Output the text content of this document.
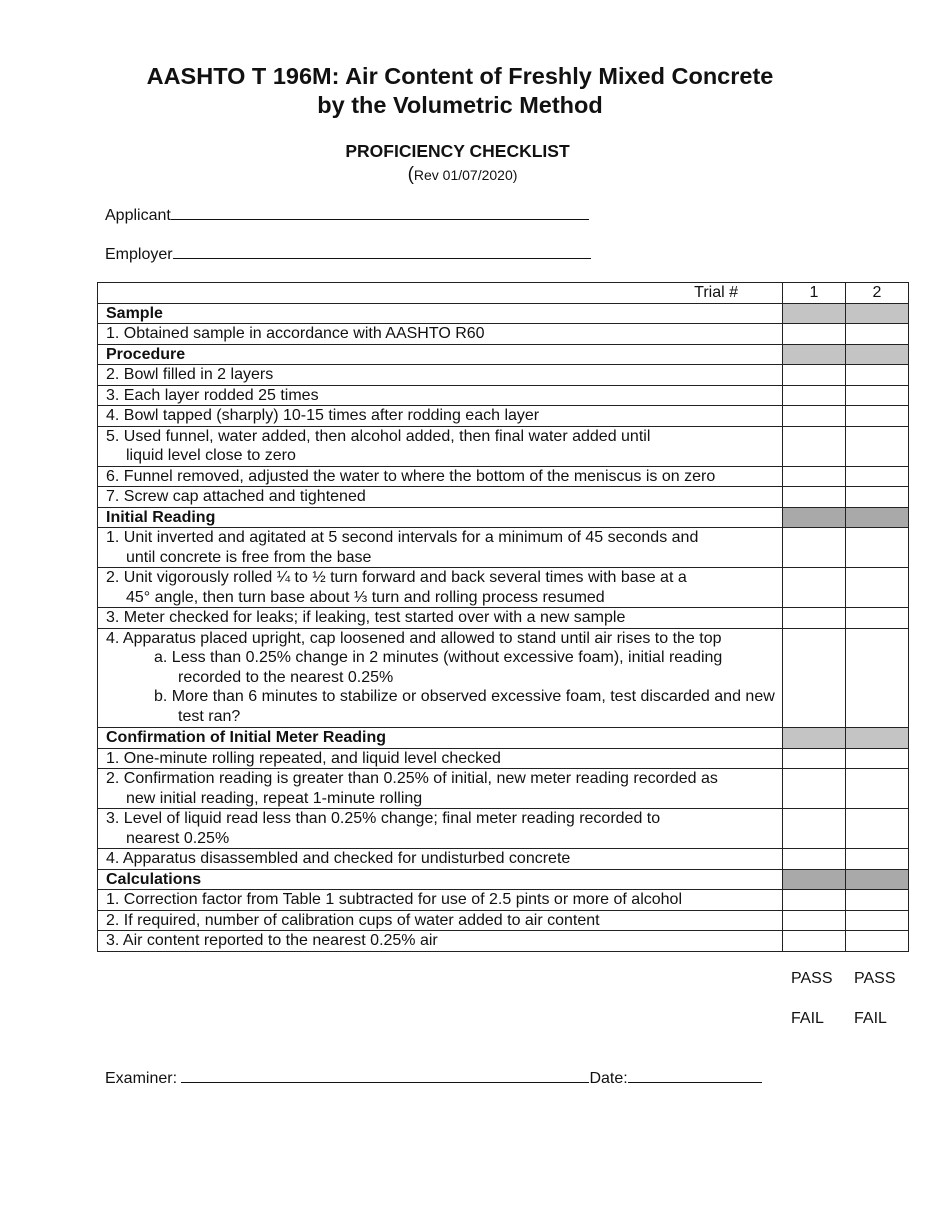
AASHTO T 196M: Air Content of Freshly Mixed Concrete
by the Volumetric Method
PROFICIENCY CHECKLIST
(Rev 01/07/2020)
Applicant
Employer
Trial #	1	2
Sample		
1. Obtained sample in accordance with AASHTO R60		
Procedure		
2. Bowl filled in 2 layers		
3. Each layer rodded 25 times		
4. Bowl tapped (sharply) 10-15 times after rodding each layer		
5. Used funnel, water added, then alcohol added, then final water added until
liquid level close to zero		

6. Funnel removed, adjusted the water to where the bottom of the meniscus is on zero		
7. Screw cap attached and tightened		
Initial Reading		
1. Unit inverted and agitated at 5 second intervals for a minimum of 45 seconds and
until concrete is free from the base		

2. Unit vigorously rolled ¼ to ½ turn forward and back several times with base at a
45° angle, then turn base about ⅓ turn and rolling process resumed		

3. Meter checked for leaks; if leaking, test started over with a new sample		
4. Apparatus placed upright, cap loosened and allowed to stand until air rises to the top
a. Less than 0.25% change in 2 minutes (without excessive foam), initial reading recorded to the nearest 0.25%
b. More than 6 minutes to stabilize or observed excessive foam, test discarded and new test ran?		

Confirmation of Initial Meter Reading		
1. One-minute rolling repeated, and liquid level checked		
2. Confirmation reading is greater than 0.25% of initial, new meter reading recorded as
new initial reading, repeat 1-minute rolling		

3. Level of liquid read less than 0.25% change; final meter reading recorded to
nearest 0.25%		

4. Apparatus disassembled and checked for undisturbed concrete		
Calculations		
1. Correction factor from Table 1 subtracted for use of 2.5 pints or more of alcohol		
2. If required, number of calibration cups of water added to air content		
3. Air content reported to the nearest 0.25% air		
PASS PASS
FAIL FAIL
Examiner:	Date:
